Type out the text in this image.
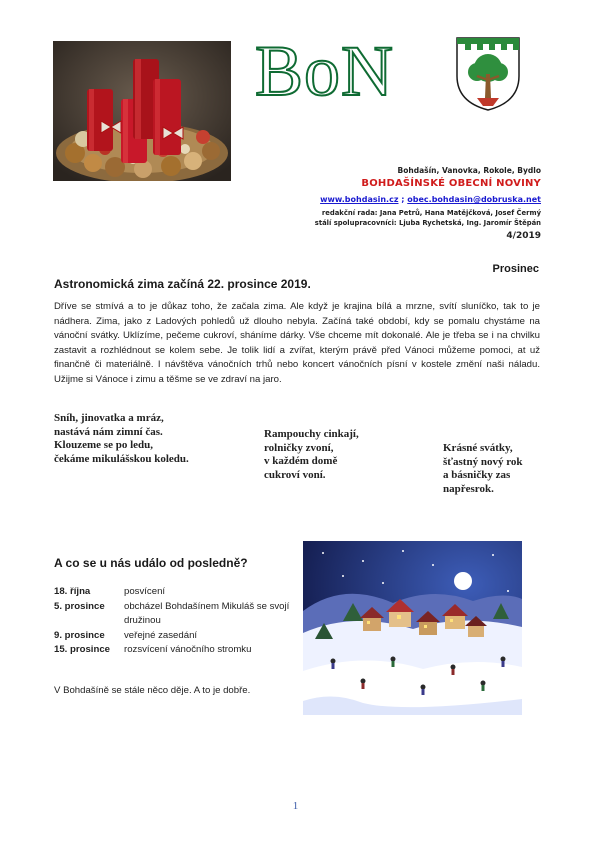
BoN
Bohdašín, Vanovka, Rokole, Bydlo
BOHDAŠÍNSKÉ OBECNÍ NOVINY
www.bohdasin.cz ; obec.bohdasin@dobruska.net
redakční rada: Jana Petrů, Hana Matějčková, Josef Čermý
stálí spolupracovníci: Ljuba Rychetská, Ing. Jaromír Štěpán
4/2019
Prosinec
Astronomická zima začíná 22. prosince 2019.
Dříve se stmívá a to je důkaz toho, že začala zima. Ale když je krajina bílá a mrzne, svítí sluníčko, tak to je nádhera. Zima, jako z Ladových pohledů už dlouho nebyla. Začíná také období, kdy se pomalu chystáme na vánoční svátky. Uklízíme, pečeme cukroví, sháníme dárky. Vše chceme mít dokonalé. Ale je třeba se i na chvilku zastavit a rozhlédnout se kolem sebe. Je tolik lidí a zvířat, kterým právě před Vánoci můžeme pomoci, at už finančně či materiálně. I návštěva vánočních trhů nebo koncert vánočních písní v kostele změní naši náladu. Užijme si Vánoce i zimu a těšme se ve zdraví na jaro.
Sníh, jinovatka a mráz,
nastává nám zimní čas.
Klouzeme se po ledu,
čekáme mikulášskou koledu.
Rampouchy cinkají,
rolničky zvoní,
v každém domě
cukroví voní.
Krásné svátky,
šťastný nový rok
a básničky zas
napřesrok.
A co se u nás událo od posledně?
18. října	posvícení
5. prosince	obcházel Bohdašínem Mikuláš se svojí družinou
9. prosince	veřejné zasedání
15. prosince	rozsvícení vánočního stromku
V Bohdašíně se stále něco děje. A to je dobře.
1
